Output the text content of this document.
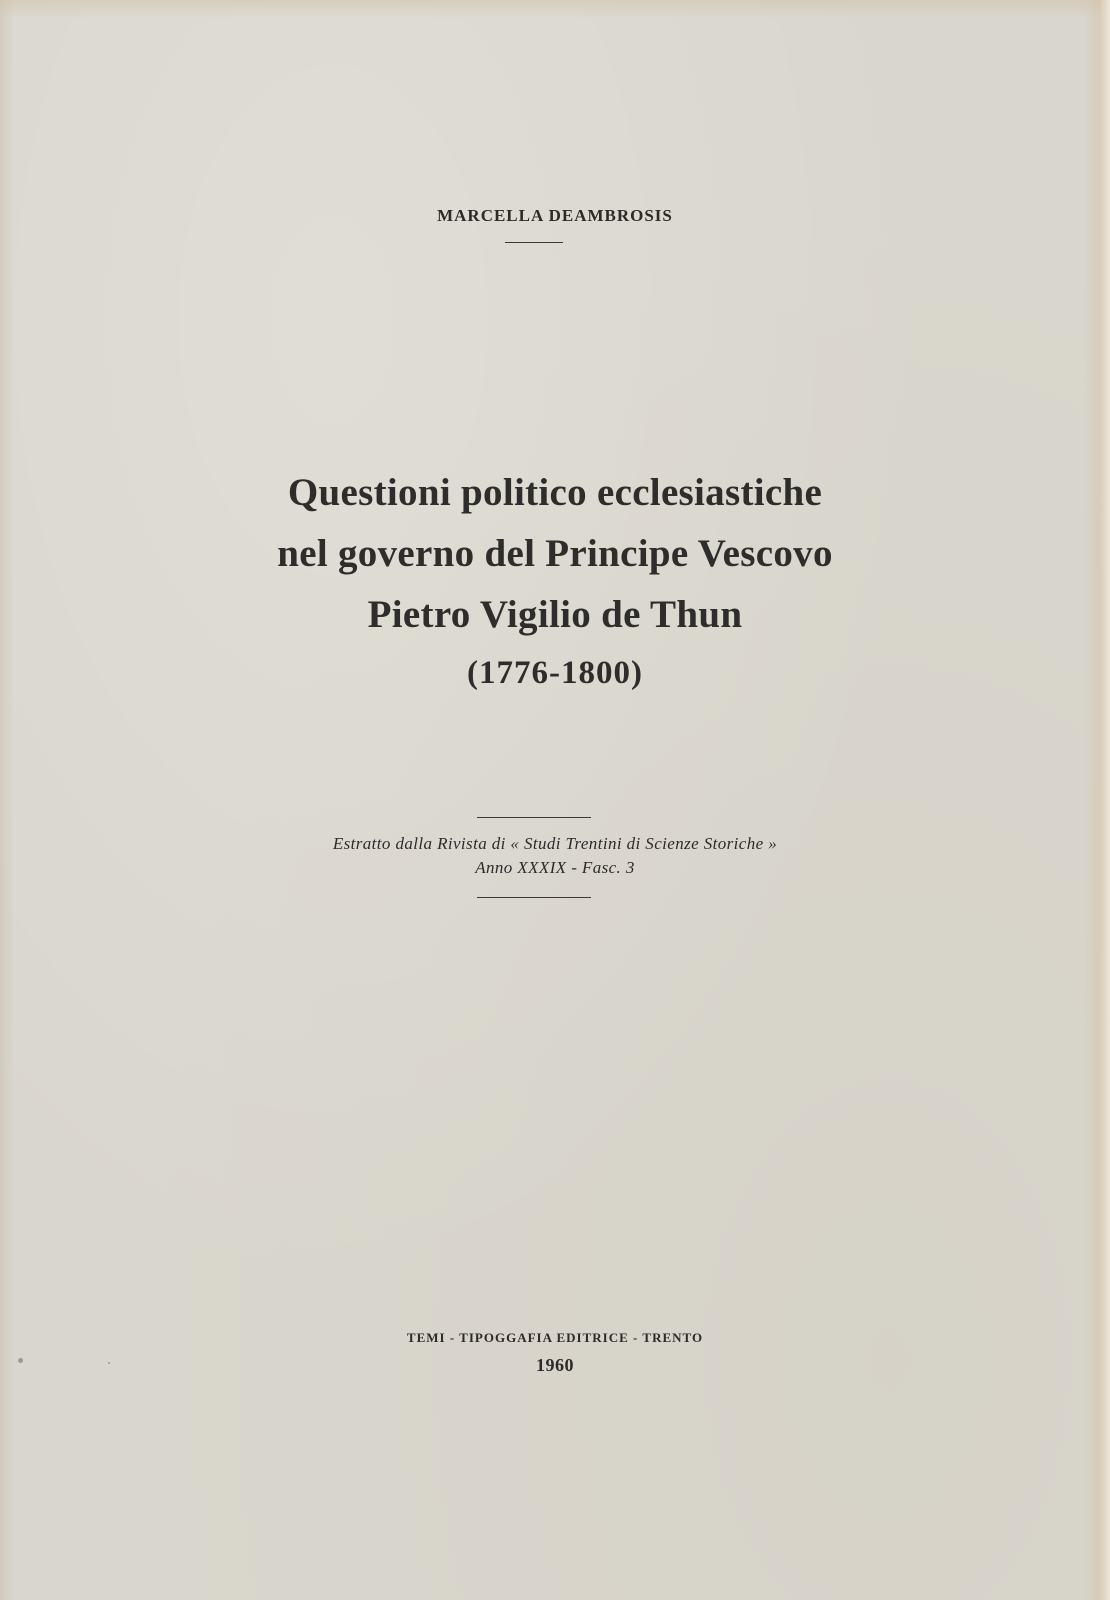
MARCELLA DEAMBROSIS
Questioni politico ecclesiastiche
nel governo del Principe Vescovo
Pietro Vigilio de Thun
(1776-1800)
Estratto dalla Rivista di « Studi Trentini di Scienze Storiche »
Anno XXXIX - Fasc. 3
TEMI - TIPOGGAFIA EDITRICE - TRENTO
1960
